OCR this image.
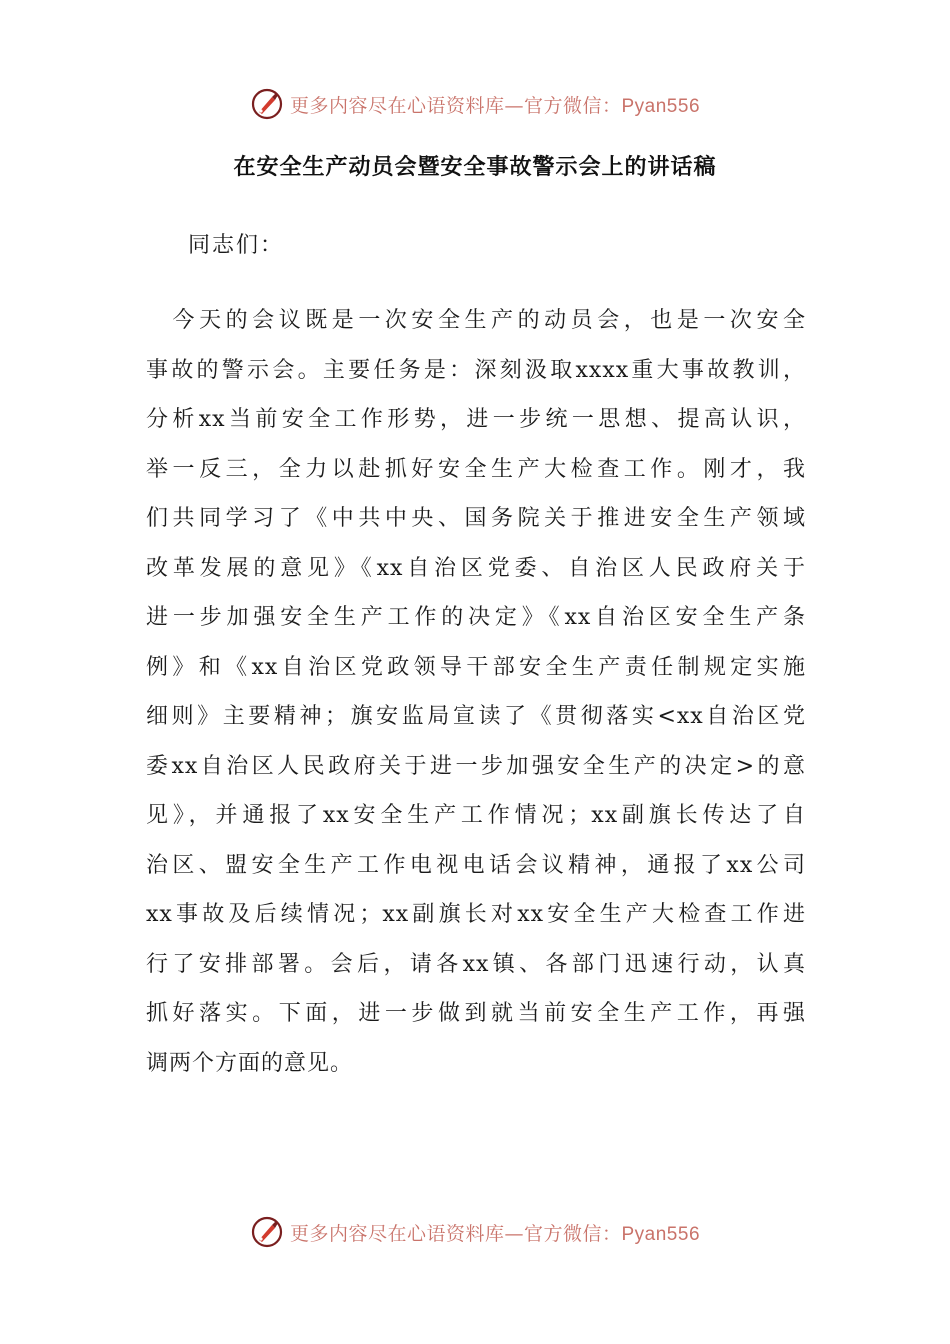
更多内容尽在心语资料库—官方微信：Pyan556
在安全生产动员会暨安全事故警示会上的讲话稿
同志们：
　今天的会议既是一次安全生产的动员会，也是一次安全
事故的警示会。主要任务是：深刻汲取xxxx重大事故教训，
分析xx当前安全工作形势，进一步统一思想、提高认识，
举一反三，全力以赴抓好安全生产大检查工作。刚才，我
们共同学习了《中共中央、国务院关于推进安全生产领域
改革发展的意见》《xx自治区党委、自治区人民政府关于
进一步加强安全生产工作的决定》《xx自治区安全生产条
例》和《xx自治区党政领导干部安全生产责任制规定实施
细则》主要精神；旗安监局宣读了《贯彻落实<xx自治区党
委xx自治区人民政府关于进一步加强安全生产的决定>的意
见》，并通报了xx安全生产工作情况；xx副旗长传达了自
治区、盟安全生产工作电视电话会议精神，通报了xx公司
xx事故及后续情况；xx副旗长对xx安全生产大检查工作进
行了安排部署。会后，请各xx镇、各部门迅速行动，认真
抓好落实。下面，进一步做到就当前安全生产工作，再强
调两个方面的意见。
更多内容尽在心语资料库—官方微信：Pyan556
